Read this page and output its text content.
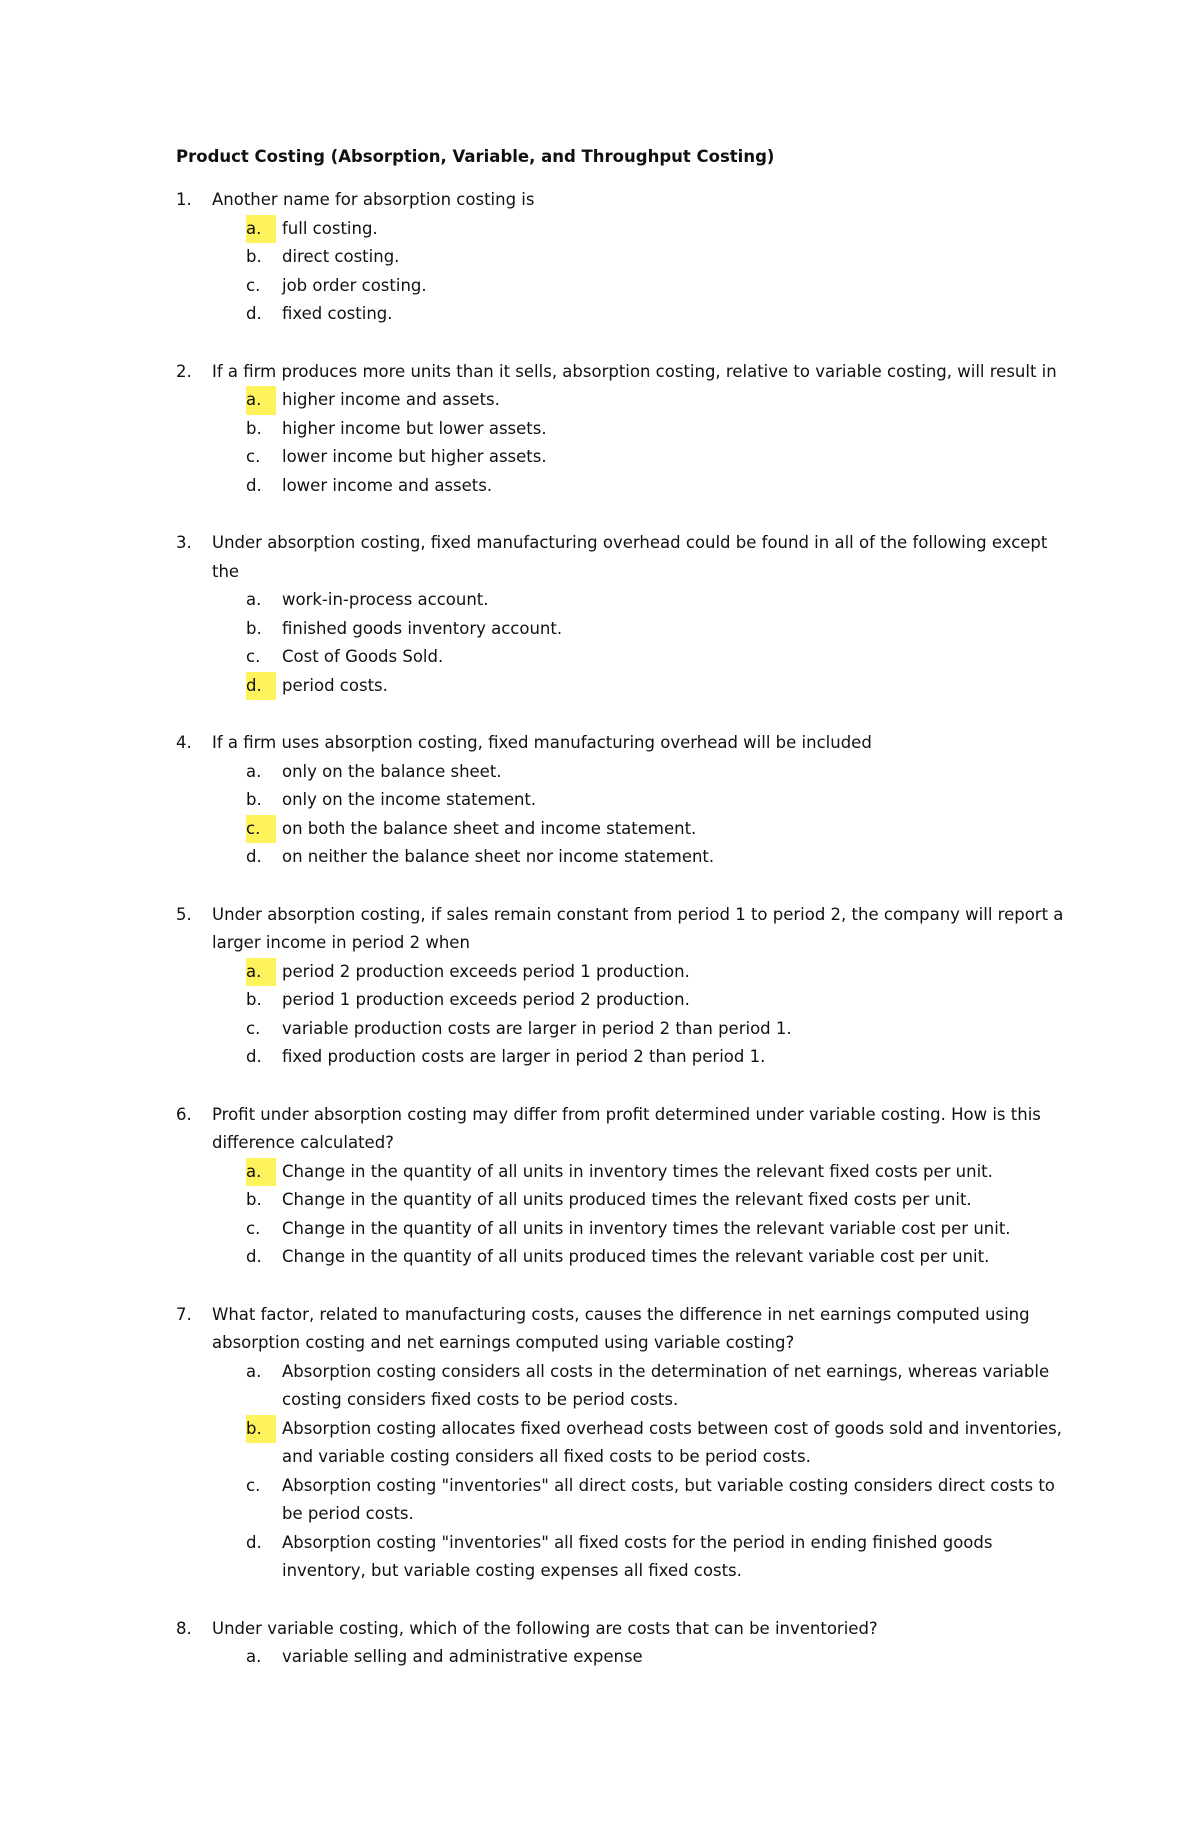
Product Costing (Absorption, Variable, and Throughput Costing)
1. Another name for absorption costing is
a.	full costing.
b.	direct costing.
c.	job order costing.
d.	fixed costing.
2. If a firm produces more units than it sells, absorption costing, relative to variable costing, will result in
a.	higher income and assets.
b.	higher income but lower assets.
c.	lower income but higher assets.
d.	lower income and assets.
3. Under absorption costing, fixed manufacturing overhead could be found in all of the following except the
a.	work-in-process account.
b.	finished goods inventory account.
c.	Cost of Goods Sold.
d.	period costs.
4. If a firm uses absorption costing, fixed manufacturing overhead will be included
a.	only on the balance sheet.
b.	only on the income statement.
c.	on both the balance sheet and income statement.
d.	on neither the balance sheet nor income statement.
5. Under absorption costing, if sales remain constant from period 1 to period 2, the company will report a larger income in period 2 when
a.	period 2 production exceeds period 1 production.
b.	period 1 production exceeds period 2 production.
c.	variable production costs are larger in period 2 than period 1.
d.	fixed production costs are larger in period 2 than period 1.
6. Profit under absorption costing may differ from profit determined under variable costing. How is this difference calculated?
a.	Change in the quantity of all units in inventory times the relevant fixed costs per unit.
b.	Change in the quantity of all units produced times the relevant fixed costs per unit.
c.	Change in the quantity of all units in inventory times the relevant variable cost per unit.
d.	Change in the quantity of all units produced times the relevant variable cost per unit.
7. What factor, related to manufacturing costs, causes the difference in net earnings computed using absorption costing and net earnings computed using variable costing?
a.	Absorption costing considers all costs in the determination of net earnings, whereas variable costing considers fixed costs to be period costs.
b.	Absorption costing allocates fixed overhead costs between cost of goods sold and inventories, and variable costing considers all fixed costs to be period costs.
c.	Absorption costing "inventories" all direct costs, but variable costing considers direct costs to be period costs.
d.	Absorption costing "inventories" all fixed costs for the period in ending finished goods inventory, but variable costing expenses all fixed costs.
8. Under variable costing, which of the following are costs that can be inventoried?
a.	variable selling and administrative expense
